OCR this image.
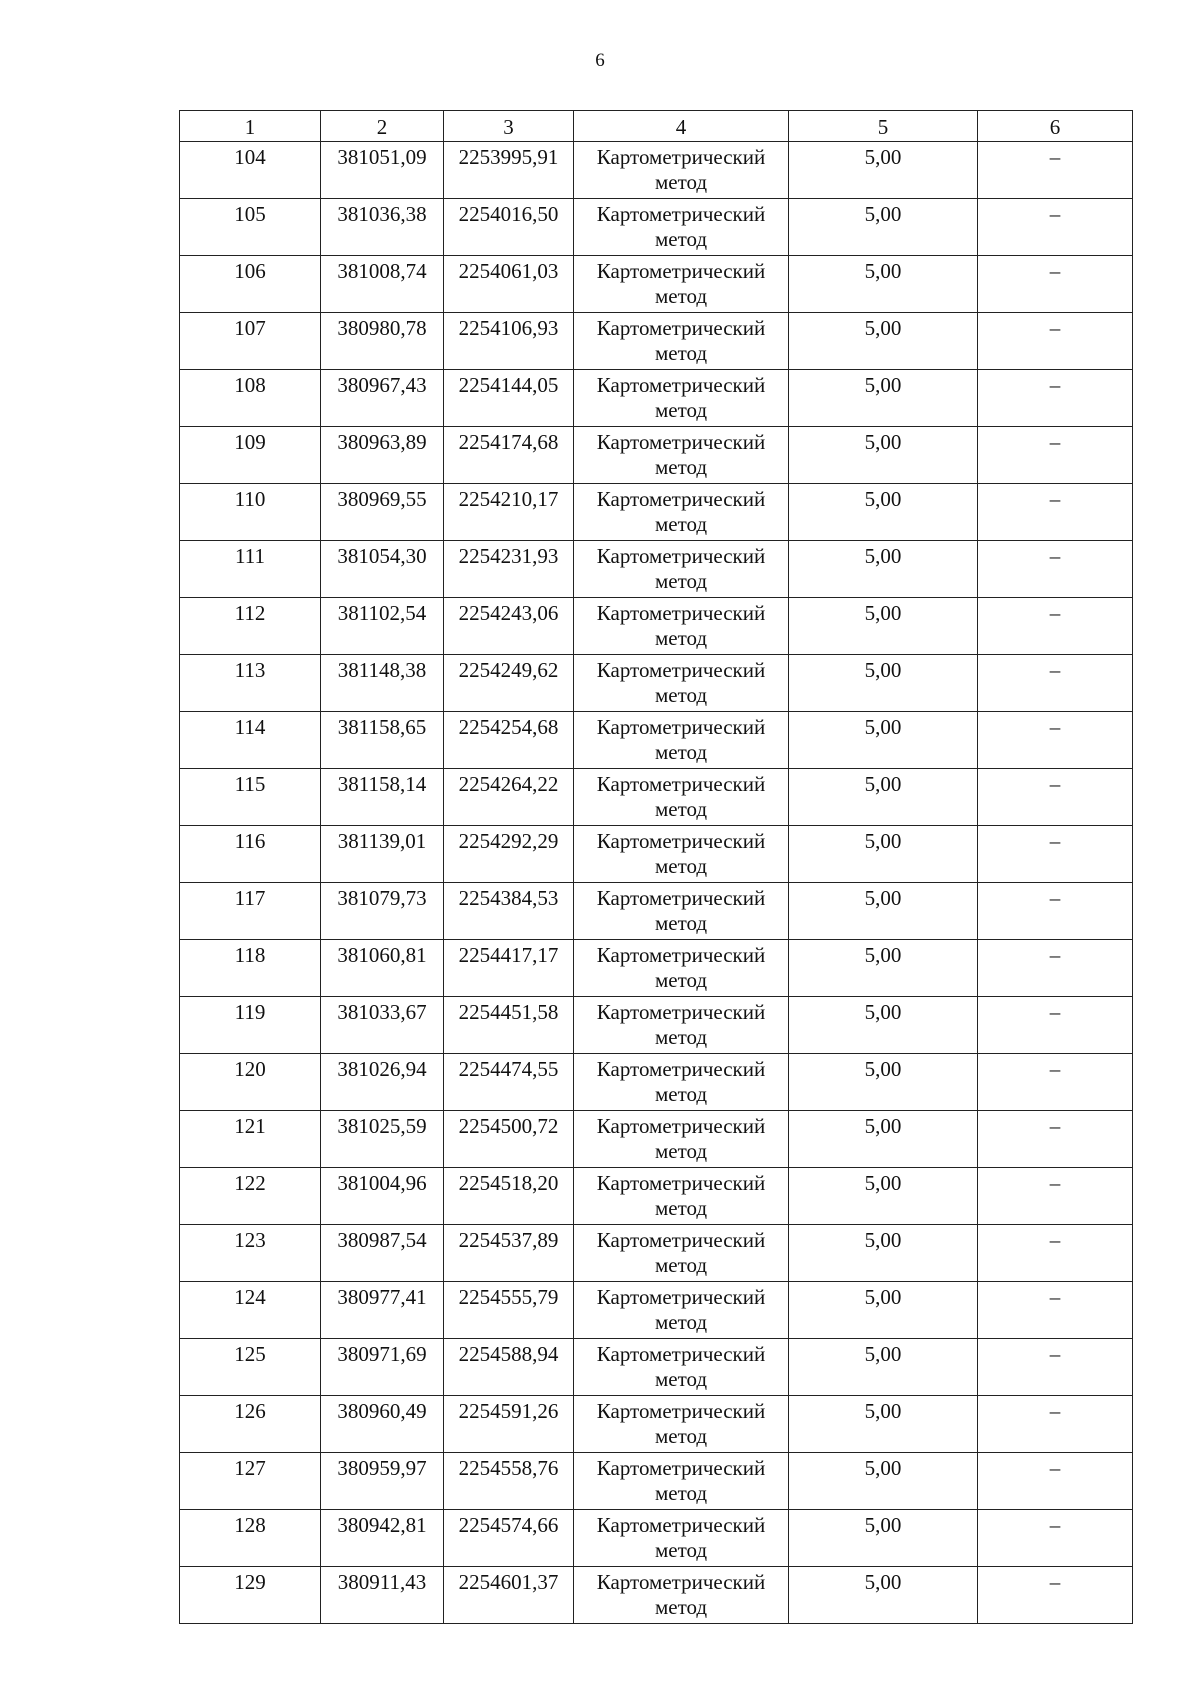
6
1	2	3	4	5	6
104	381051,09	2253995,91	Картометрический
метод	5,00	–
105	381036,38	2254016,50	Картометрический
метод	5,00	–
106	381008,74	2254061,03	Картометрический
метод	5,00	–
107	380980,78	2254106,93	Картометрический
метод	5,00	–
108	380967,43	2254144,05	Картометрический
метод	5,00	–
109	380963,89	2254174,68	Картометрический
метод	5,00	–
110	380969,55	2254210,17	Картометрический
метод	5,00	–
111	381054,30	2254231,93	Картометрический
метод	5,00	–
112	381102,54	2254243,06	Картометрический
метод	5,00	–
113	381148,38	2254249,62	Картометрический
метод	5,00	–
114	381158,65	2254254,68	Картометрический
метод	5,00	–
115	381158,14	2254264,22	Картометрический
метод	5,00	–
116	381139,01	2254292,29	Картометрический
метод	5,00	–
117	381079,73	2254384,53	Картометрический
метод	5,00	–
118	381060,81	2254417,17	Картометрический
метод	5,00	–
119	381033,67	2254451,58	Картометрический
метод	5,00	–
120	381026,94	2254474,55	Картометрический
метод	5,00	–
121	381025,59	2254500,72	Картометрический
метод	5,00	–
122	381004,96	2254518,20	Картометрический
метод	5,00	–
123	380987,54	2254537,89	Картометрический
метод	5,00	–
124	380977,41	2254555,79	Картометрический
метод	5,00	–
125	380971,69	2254588,94	Картометрический
метод	5,00	–
126	380960,49	2254591,26	Картометрический
метод	5,00	–
127	380959,97	2254558,76	Картометрический
метод	5,00	–
128	380942,81	2254574,66	Картометрический
метод	5,00	–
129	380911,43	2254601,37	Картометрический
метод	5,00	–
